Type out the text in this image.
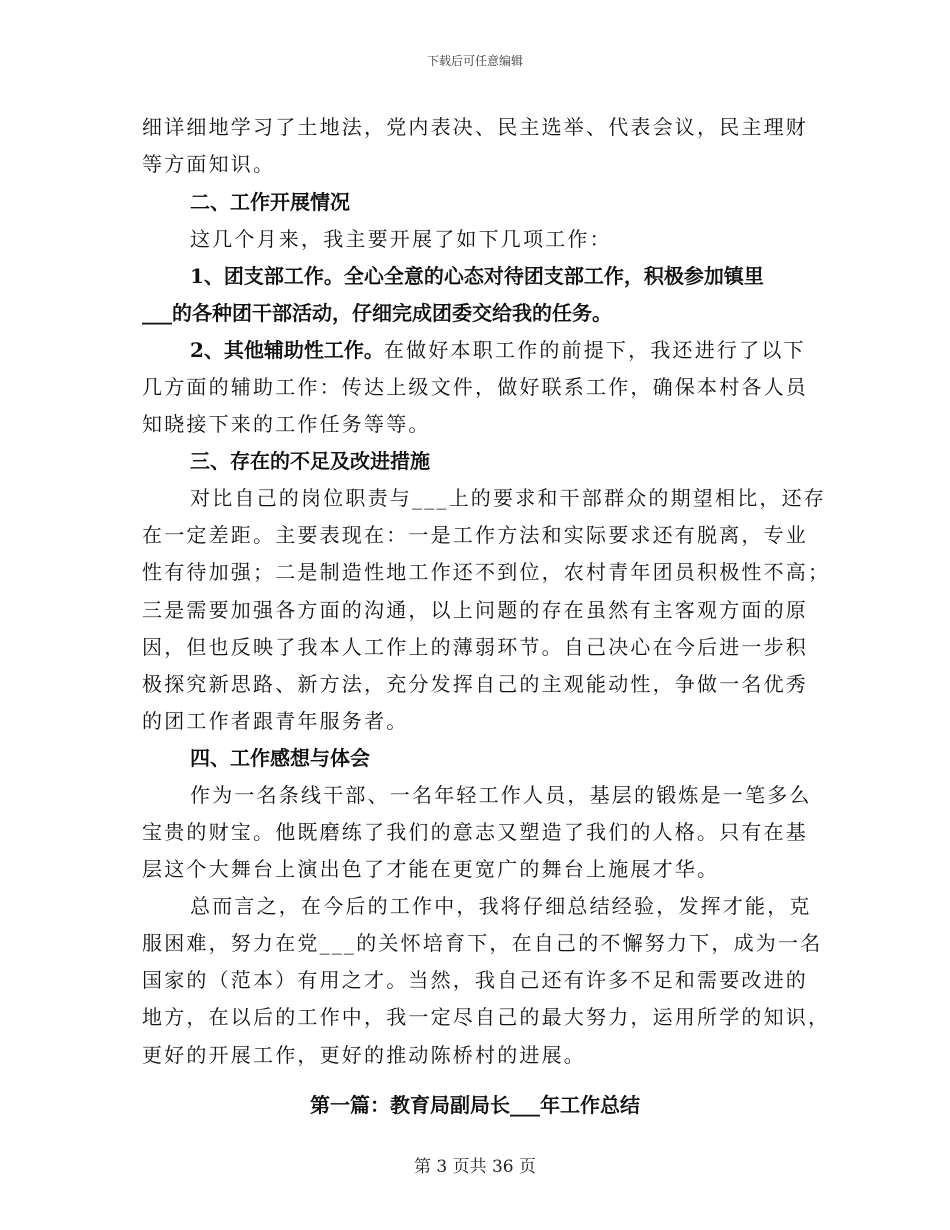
下载后可任意编辑
细详细地学习了土地法，党内表决、民主选举、代表会议，民主理财
等方面知识。
二、工作开展情况
这几个月来，我主要开展了如下几项工作：
1、团支部工作。全心全意的心态对待团支部工作，积极参加镇里
___的各种团干部活动，仔细完成团委交给我的任务。
2、其他辅助性工作。在做好本职工作的前提下，我还进行了以下
几方面的辅助工作：传达上级文件，做好联系工作，确保本村各人员
知晓接下来的工作任务等等。
三、存在的不足及改进措施
对比自己的岗位职责与___上的要求和干部群众的期望相比，还存
在一定差距。主要表现在：一是工作方法和实际要求还有脱离，专业
性有待加强；二是制造性地工作还不到位，农村青年团员积极性不高；
三是需要加强各方面的沟通，以上问题的存在虽然有主客观方面的原
因，但也反映了我本人工作上的薄弱环节。自己决心在今后进一步积
极探究新思路、新方法，充分发挥自己的主观能动性，争做一名优秀
的团工作者跟青年服务者。
四、工作感想与体会
作为一名条线干部、一名年轻工作人员，基层的锻炼是一笔多么
宝贵的财宝。他既磨练了我们的意志又塑造了我们的人格。只有在基
层这个大舞台上演出色了才能在更宽广的舞台上施展才华。
总而言之，在今后的工作中，我将仔细总结经验，发挥才能，克
服困难，努力在党___的关怀培育下，在自己的不懈努力下，成为一名
国家的（范本）有用之才。当然，我自己还有许多不足和需要改进的
地方，在以后的工作中，我一定尽自己的最大努力，运用所学的知识，
更好的开展工作，更好的推动陈桥村的进展。
第一篇：教育局副局长___年工作总结
第 3 页共 36 页
